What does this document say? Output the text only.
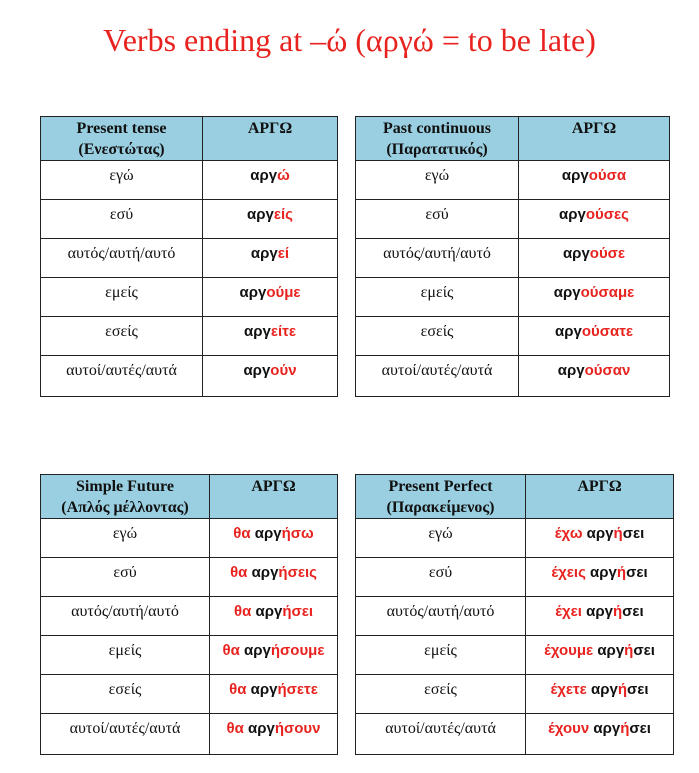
Verbs ending at –ώ (αργώ = to be late)
Present tense
(Ενεστώτας)	ΑΡΓΩ
εγώ	αργώ
εσύ	αργείς
αυτός/αυτή/αυτό	αργεί
εμείς	αργούμε
εσείς	αργείτε
αυτοί/αυτές/αυτά	αργούν
Past continuous
(Παρατατικός)	ΑΡΓΩ
εγώ	αργούσα
εσύ	αργούσες
αυτός/αυτή/αυτό	αργούσε
εμείς	αργούσαμε
εσείς	αργούσατε
αυτοί/αυτές/αυτά	αργούσαν
Simple Future
(Απλός μέλλοντας)	ΑΡΓΩ
εγώ	θα αργήσω
εσύ	θα αργήσεις
αυτός/αυτή/αυτό	θα αργήσει
εμείς	θα αργήσουμε
εσείς	θα αργήσετε
αυτοί/αυτές/αυτά	θα αργήσουν
Present Perfect
(Παρακείμενος)	ΑΡΓΩ
εγώ	έχω αργήσει
εσύ	έχεις αργήσει
αυτός/αυτή/αυτό	έχει αργήσει
εμείς	έχουμε αργήσει
εσείς	έχετε αργήσει
αυτοί/αυτές/αυτά	έχουν αργήσει
